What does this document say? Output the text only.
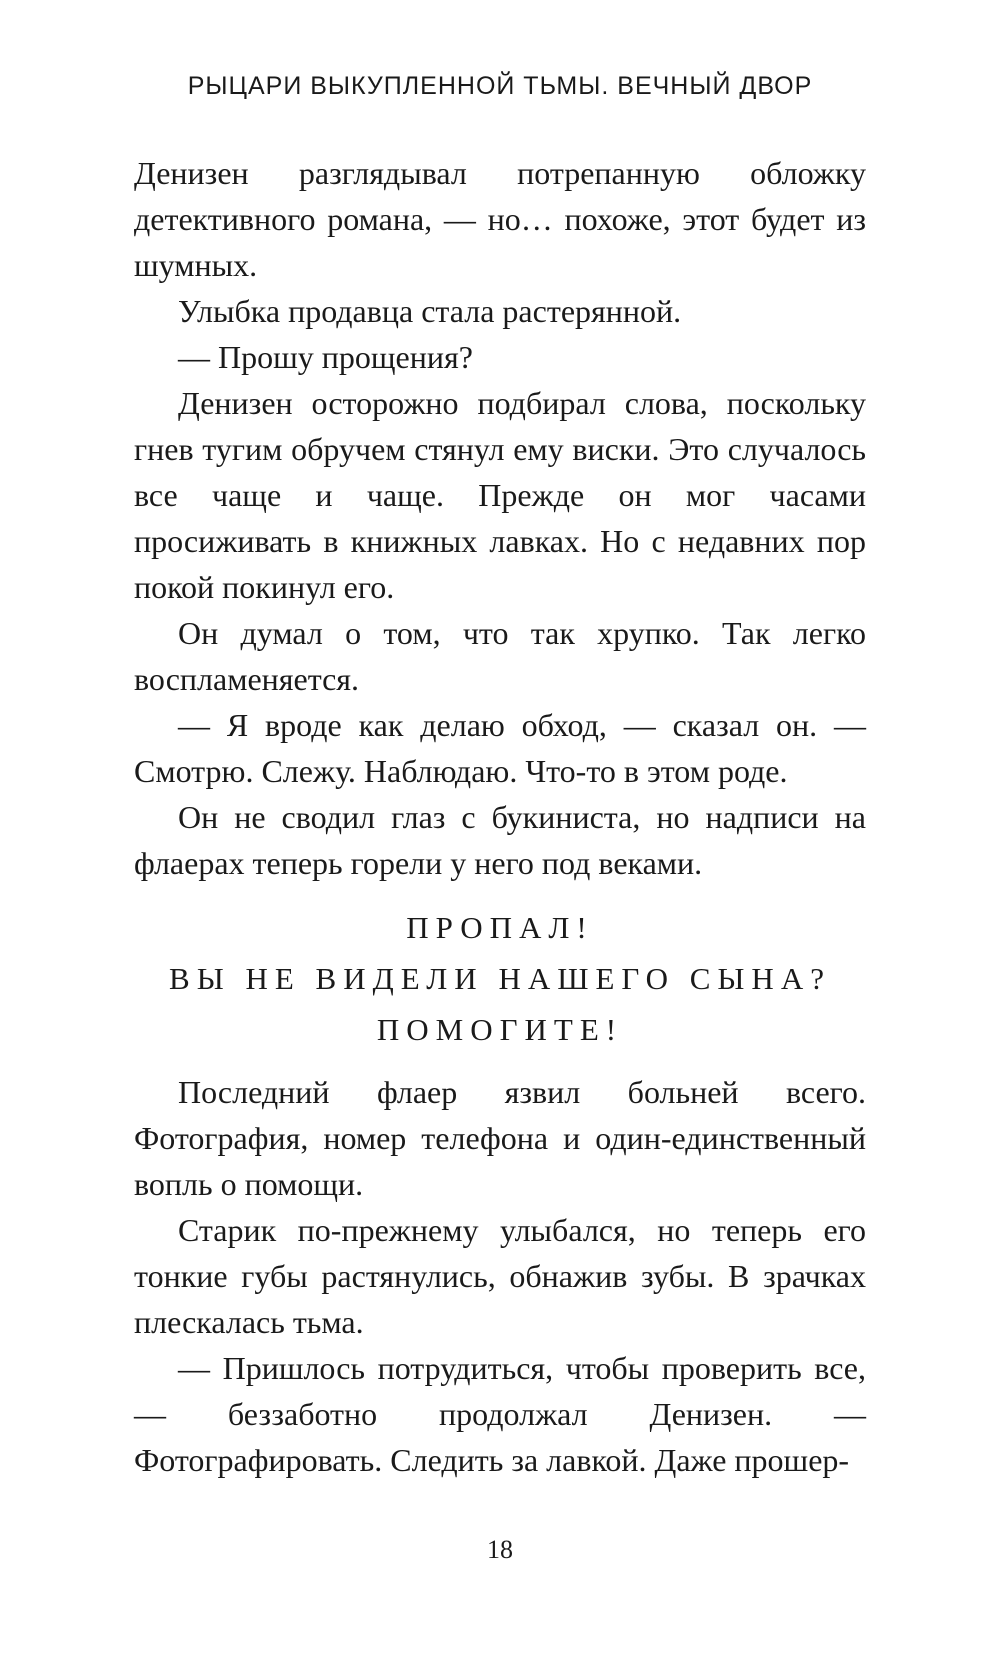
РЫЦАРИ ВЫКУПЛЕННОЙ ТЬМЫ. ВЕЧНЫЙ ДВОР

Денизен разглядывал потрепанную обложку детективного романа, — но… похоже, этот будет из шумных.

Улыбка продавца стала растерянной.

— Прошу прощения?

Денизен осторожно подбирал слова, поскольку гнев тугим обручем стянул ему виски. Это случалось все чаще и чаще. Прежде он мог часами просиживать в книжных лавках. Но с недавних пор покой покинул его.

Он думал о том, что так хрупко. Так легко воспламеняется.

— Я вроде как делаю обход, — сказал он. — Смотрю. Слежу. Наблюдаю. Что-то в этом роде.

Он не сводил глаз с букиниста, но надписи на флаерах теперь горели у него под веками.

ПРОПАЛ!
ВЫ НЕ ВИДЕЛИ НАШЕГО СЫНА?
ПОМОГИТЕ!

Последний флаер язвил больней всего. Фотография, номер телефона и один-единственный вопль о помощи.

Старик по-прежнему улыбался, но теперь его тонкие губы растянулись, обнажив зубы. В зрачках плескалась тьма.

— Пришлось потрудиться, чтобы проверить все, — беззаботно продолжал Денизен. — Фотографировать. Следить за лавкой. Даже прошер-

18
